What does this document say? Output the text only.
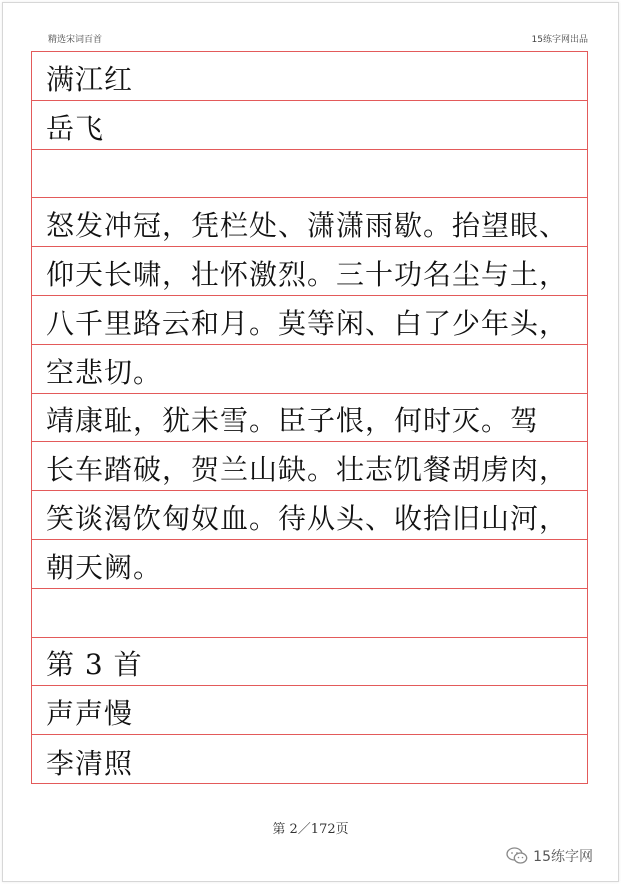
精选宋词百首	15练字网出品
满江红
岳飞
怒发冲冠，凭栏处、潇潇雨歇。抬望眼、
仰天长啸，壮怀激烈。三十功名尘与土，
八千里路云和月。莫等闲、白了少年头，
空悲切。
靖康耻，犹未雪。臣子恨，何时灭。驾
长车踏破，贺兰山缺。壮志饥餐胡虏肉，
笑谈渴饮匈奴血。待从头、收拾旧山河，
朝天阙。
第 3 首
声声慢
李清照
第 2／172页
15练字网
